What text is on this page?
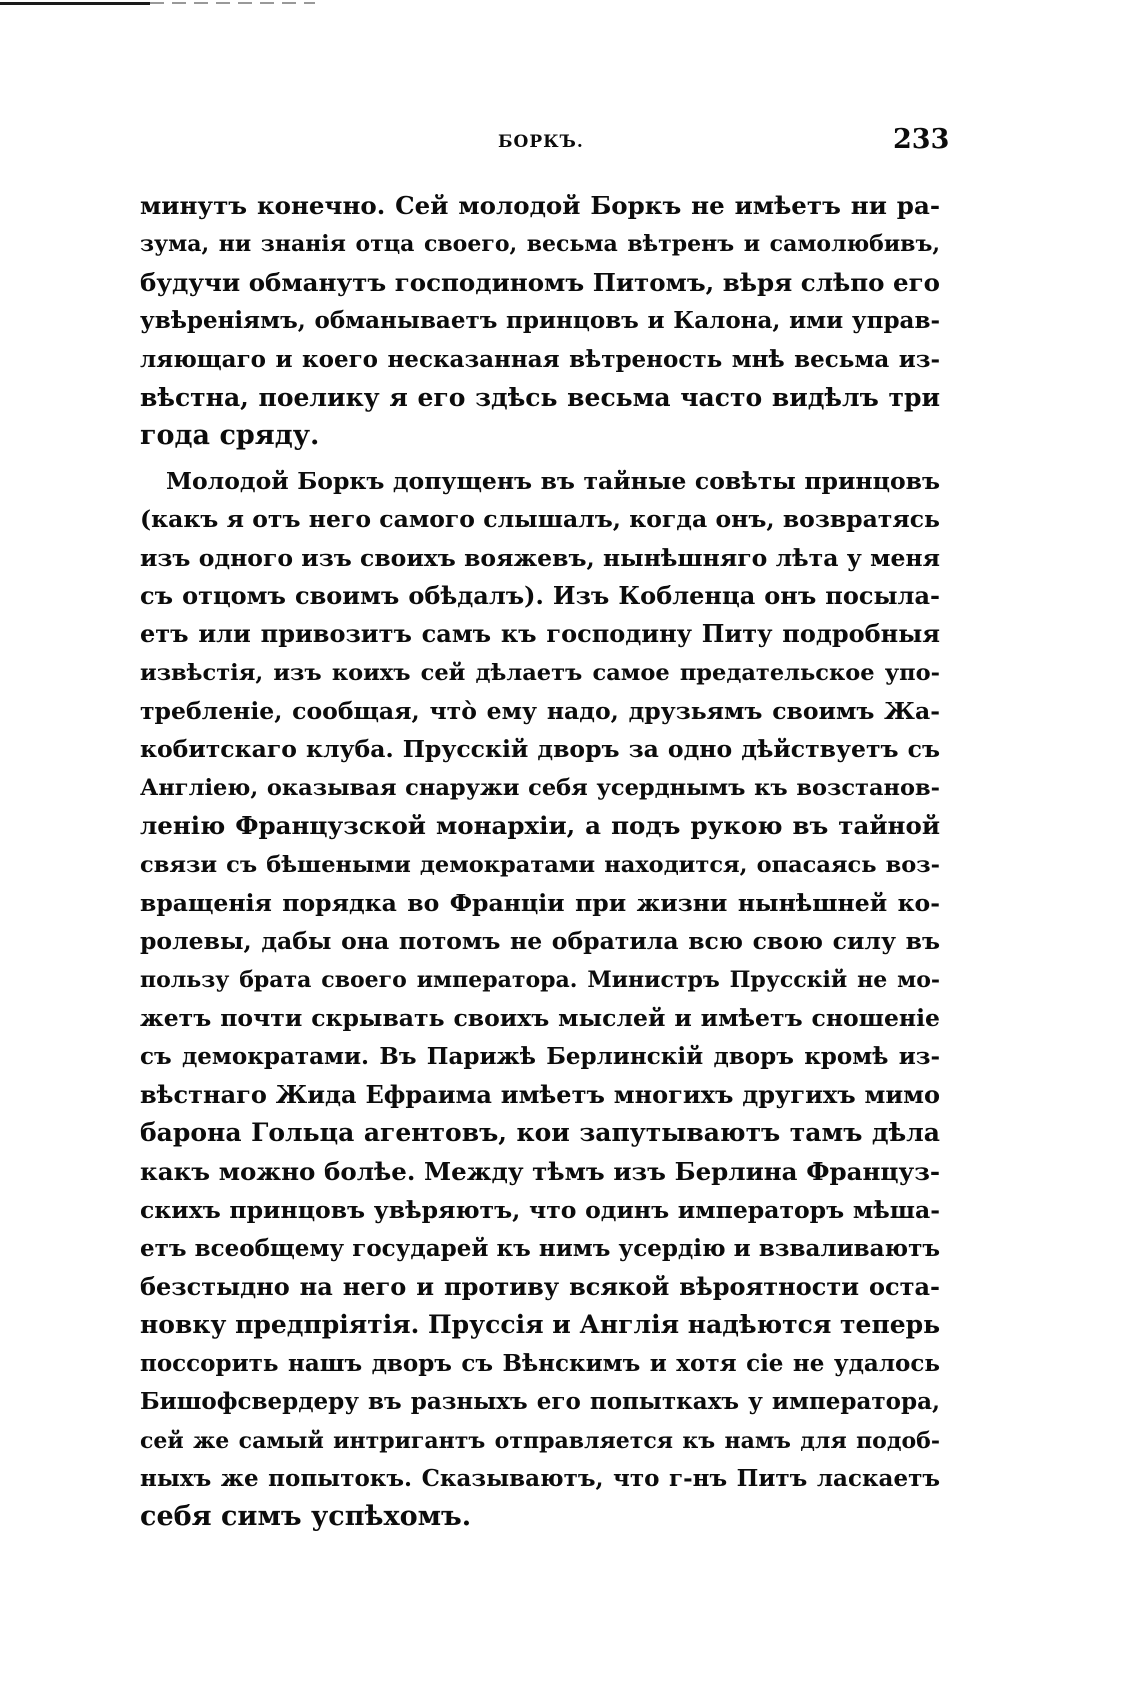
БОРКЪ.	233
минутъ конечно. Сей молодой Боркъ не имѣетъ ни ра-
зума, ни знанія отца своего, весьма вѣтренъ и самолюбивъ,
будучи обманутъ господиномъ Питомъ, вѣря слѣпо его
увѣреніямъ, обманываетъ принцовъ и Калона, ими управ-
ляющаго и коего несказанная вѣтреность мнѣ весьма из-
вѣстна, поелику я его здѣсь весьма часто видѣлъ три
года сряду.
Молодой Боркъ допущенъ въ тайные совѣты принцовъ
(какъ я отъ него самого слышалъ, когда онъ, возвратясь
изъ одного изъ своихъ вояжевъ, нынѣшняго лѣта у меня
съ отцомъ своимъ обѣдалъ). Изъ Кобленца онъ посыла-
етъ или привозитъ самъ къ господину Питу подробныя
извѣстія, изъ коихъ сей дѣлаетъ самое предательское упо-
требленіе, сообщая, что̀ ему надо, друзьямъ своимъ Жа-
кобитскаго клуба. Прусскій дворъ за одно дѣйствуетъ съ
Англіею, оказывая снаружи себя усерднымъ къ возстанов-
ленію Французской монархіи, а подъ рукою въ тайной
связи съ бѣшеными демократами находится, опасаясь воз-
вращенія порядка во Франціи при жизни нынѣшней ко-
ролевы, дабы она потомъ не обратила всю свою силу въ
пользу брата своего императора. Министръ Прусскій не мо-
жетъ почти скрывать своихъ мыслей и имѣетъ сношеніе
съ демократами. Въ Парижѣ Берлинскій дворъ кромѣ из-
вѣстнаго Жида Ефраима имѣетъ многихъ другихъ мимо
барона Гольца агентовъ, кои запутываютъ тамъ дѣла
какъ можно болѣе. Между тѣмъ изъ Берлина Француз-
скихъ принцовъ увѣряютъ, что одинъ императоръ мѣша-
етъ всеобщему государей къ нимъ усердію и взваливаютъ
безстыдно на него и противу всякой вѣроятности оста-
новку предпріятія. Пруссія и Англія надѣются теперь
поссорить нашъ дворъ съ Вѣнскимъ и хотя сіе не удалось
Бишофсвердеру въ разныхъ его попыткахъ у императора,
сей же самый интригантъ отправляется къ намъ для подоб-
ныхъ же попытокъ. Сказываютъ, что г-нъ Питъ ласкаетъ
себя симъ успѣхомъ.
